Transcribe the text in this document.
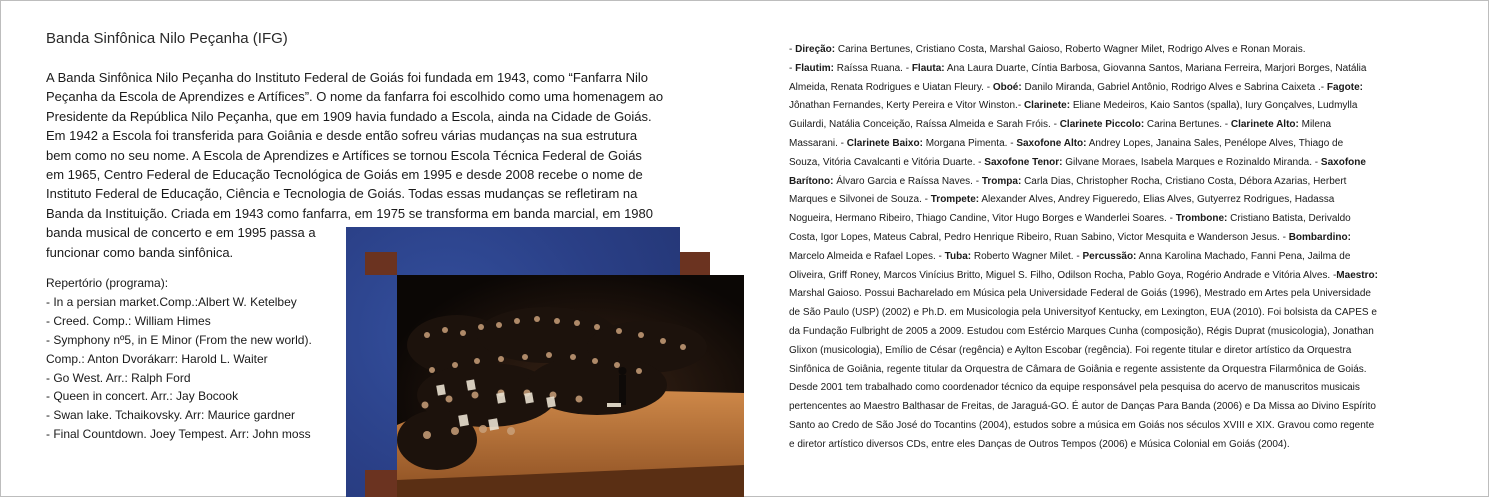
Banda Sinfônica Nilo Peçanha (IFG)

A Banda Sinfônica Nilo Peçanha do Instituto Federal de Goiás foi fundada em 1943, como “Fanfarra Nilo
Peçanha da Escola de Aprendizes e Artífices”. O nome da fanfarra foi escolhido como uma homenagem ao
Presidente da República Nilo Peçanha, que em 1909 havia fundado a Escola, ainda na Cidade de Goiás.
Em 1942 a Escola foi transferida para Goiânia e desde então sofreu várias mudanças na sua estrutura
bem como no seu nome. A Escola de Aprendizes e Artífices se tornou Escola Técnica Federal de Goiás
em 1965, Centro Federal de Educação Tecnológica de Goiás em 1995 e desde 2008 recebe o nome de
Instituto Federal de Educação, Ciência e Tecnologia de Goiás. Todas essas mudanças se refletiram na
Banda da Instituição. Criada em 1943 como fanfarra, em 1975 se transforma em banda marcial, em 1980
banda musical de concerto e em 1995 passa a
funcionar como banda sinfônica.

Repertório (programa):
- In a persian market.Comp.:Albert W. Ketelbey
- Creed. Comp.: William Himes
- Symphony nº5, in E Minor (From the new world).
Comp.: Anton Dvorákarr: Harold L. Waiter
- Go West. Arr.: Ralph Ford
- Queen in concert. Arr.: Jay Bocook
- Swan lake. Tchaikovsky. Arr: Maurice gardner
- Final Countdown. Joey Tempest. Arr: John moss

- Direção: Carina Bertunes, Cristiano Costa, Marshal Gaioso, Roberto Wagner Milet, Rodrigo Alves e Ronan Morais.
- Flautim: Raíssa Ruana. - Flauta: Ana Laura Duarte, Cíntia Barbosa, Giovanna Santos, Mariana Ferreira, Marjori Borges, Natália
Almeida, Renata Rodrigues e Uiatan Fleury. - Oboé: Danilo Miranda, Gabriel Antônio, Rodrigo Alves e Sabrina Caixeta .- Fagote:
Jônathan Fernandes, Kerty Pereira e Vitor Winston.- Clarinete: Eliane Medeiros, Kaio Santos (spalla), Iury Gonçalves, Ludmylla
Guilardi, Natália Conceição, Raíssa Almeida e Sarah Fróis. - Clarinete Piccolo: Carina Bertunes. - Clarinete Alto: Milena
Massarani. - Clarinete Baixo: Morgana Pimenta. - Saxofone Alto: Andrey Lopes, Janaina Sales, Penélope Alves, Thiago de
Souza, Vitória Cavalcanti e Vitória Duarte. - Saxofone Tenor: Gilvane Moraes, Isabela Marques e Rozinaldo Miranda. - Saxofone
Barítono: Álvaro Garcia e Raíssa Naves. - Trompa: Carla Dias, Christopher Rocha, Cristiano Costa, Débora Azarias, Herbert
Marques e Silvonei de Souza. - Trompete: Alexander Alves, Andrey Figueredo, Elias Alves, Gutyerrez Rodrigues, Hadassa
Nogueira, Hermano Ribeiro, Thiago Candine, Vitor Hugo Borges e Wanderlei Soares. - Trombone: Cristiano Batista, Derivaldo
Costa, Igor Lopes, Mateus Cabral, Pedro Henrique Ribeiro, Ruan Sabino, Victor Mesquita e Wanderson Jesus. - Bombardino:
Marcelo Almeida e Rafael Lopes. - Tuba: Roberto Wagner Milet. - Percussão: Anna Karolina Machado, Fanni Pena, Jailma de
Oliveira, Griff Roney, Marcos Vinícius Britto, Miguel S. Filho, Odilson Rocha, Pablo Goya, Rogério Andrade e Vitória Alves. -Maestro:
Marshal Gaioso. Possui Bacharelado em Música pela Universidade Federal de Goiás (1996), Mestrado em Artes pela Universidade
de São Paulo (USP) (2002) e Ph.D. em Musicologia pela Universityof Kentucky, em Lexington, EUA (2010). Foi bolsista da CAPES e
da Fundação Fulbright de 2005 a 2009. Estudou com Estércio Marques Cunha (composição), Régis Duprat (musicologia), Jonathan
Glixon (musicologia), Emílio de César (regência) e Aylton Escobar (regência). Foi regente titular e diretor artístico da Orquestra
Sinfônica de Goiânia, regente titular da Orquestra de Câmara de Goiânia e regente assistente da Orquestra Filarmônica de Goiás.
Desde 2001 tem trabalhado como coordenador técnico da equipe responsável pela pesquisa do acervo de manuscritos musicais
pertencentes ao Maestro Balthasar de Freitas, de Jaraguá-GO. É autor de Danças Para Banda (2006) e Da Missa ao Divino Espírito
Santo ao Credo de São José do Tocantins (2004), estudos sobre a música em Goiás nos séculos XVIII e XIX. Gravou como regente
e diretor artístico diversos CDs, entre eles Danças de Outros Tempos (2006) e Música Colonial em Goiás (2004).
